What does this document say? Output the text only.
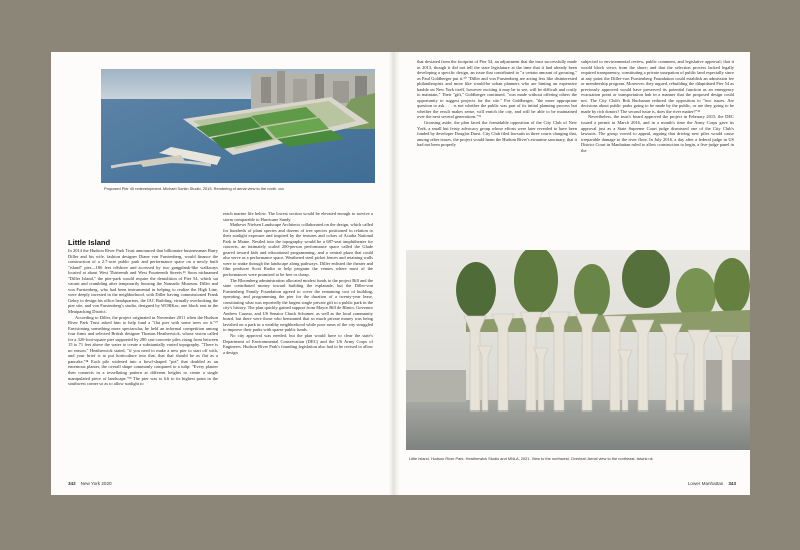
Proposed Pier 40 redevelopment. Michael Sorkin Studio, 2015. Rendering of aerial view to the north. ccc
Little Island

In 2014 the Hudson River Park Trust announced that billionaire businessman Barry Diller and his wife, fashion designer Diane von Furstenberg, would finance the construction of a 2.7-acre public park and performance space on a newly built "island" pier—186 feet offshore and accessed by two gangplank-like walkways located at about West Thirteenth and West Fourteenth Streets.²⁶ Soon nicknamed "Diller Island," the pier-park would require the demolition of Pier 54, which sat vacant and crumbling after temporarily housing the Nomadic Museum. Diller and von Furstenberg, who had been instrumental in helping to realize the High Line, were deeply invested in the neighborhood, with Diller having commissioned Frank Gehry to design his office headquarters, the IAC Building, virtually overlooking the pier site, and von Furstenberg's studio, designed by WORKac, one block east in the Meatpacking District.

According to Diller, the project originated in November 2011 when the Hudson River Park Trust asked him to help fund a "flat pier with some trees on it."²⁷ Envisioning something more spectacular, he held an informal competition among four firms and selected British designer Thomas Heatherwick, whose vision called for a 320-foot-square pier supported by 280 cast-concrete piles rising from between 15 to 71 feet above the water to create a substantially varied topography. "There is no reason," Heatherwick stated, "if you need to make a new pier to start off with, and your brief is to put horticulture into that, that that should be as flat as a pancake."²⁸ Each pile widened into a bowl-shaped "pot" that doubled as an enormous planter, the overall shape commonly compared to a tulip: "Every planter then connects in a tessellating pattern at different heights to create a single manipulated piece of landscape."²⁹ The pier was to lift to its highest point in the southwest corner so as to allow sunlight to

reach marine life below. The lowest section would be elevated enough to survive a storm comparable to Hurricane Sandy.

Mathews Nielsen Landscape Architects collaborated on the design, which called for hundreds of plant species and dozens of tree species positioned in relation to their sunlight exposure and inspired by the textures and colors of Acadia National Park in Maine. Nestled into the topography would be a 687-seat amphitheater for concerts, an intimately scaled 200-person performance space called the Glade geared toward kids and educational programming, and a central plaza that could also serve as a performance space. Weathered steel picket fences and retaining walls were to snake through the landscape along pathways. Diller enlisted the theater and film producer Scott Rudin to help program the venues where most of the performances were promised to be free or cheap.

The Bloomberg administration allocated modest funds to the project Bill and the state contributed money toward building the esplanade, but the Diller-von Furstenberg Family Foundation agreed to cover the remaining cost of building, operating, and programming the pier for the duration of a twenty-year lease, constituting what was reportedly the largest single private gift to a public park in the city's history. The plan quickly gained support from Mayor Bill de Blasio, Governor Andrew Cuomo, and US Senator Chuck Schumer, as well as the local community board, but there were those who bemoaned that so much private money was being lavished on a park in a wealthy neighborhood while poor areas of the city struggled to improve their parks with sparse public funds.

No city approval was needed, but the plan would have to clear the state's Department of Environmental Conservation (DEC) and the US Army Corps of Engineers. Hudson River Park's founding legislation also had to be revised to allow a design

342 New York 2020

that deviated from the footprint of Pier 54, an adjustment that the trust successfully made in 2013, though it did not tell the state legislature at the time that it had already been developing a specific design, an issue that contributed to "a certain amount of grousing," as Paul Goldberger put it.³⁰ "Diller and von Furstenberg are acting less like disinterested philanthropists and more like would-be urban planners who are hinting an expensive bauble on New York itself, however exciting it may be to see, will be difficult and costly to maintain," Their "gift," Goldberger continued, "was made without offering others the opportunity to suggest projects for the site." For Goldberger, "the more appropriate question to ask . . . is not whether the public was part of its initial planning process but whether the result makes sense, will enrich the city, and will be able to be maintained over the next several generations."³¹

Grousing aside, the plan faced the formidable opposition of the City Club of New York, a small but feisty advocacy group whose efforts were later revealed to have been funded by developer Douglas Durst. City Club filed lawsuits in three courts charging that, among other issues, the project would harm the Hudson River's estuarine sanctuary, that it had not been properly

subjected to environmental review, public comment, and legislative approval; that it would block views from the shore; and that the selection process lacked legally required transparency, constituting a private usurpation of public land especially since at any point the Diller-von Furstenberg Foundation could establish an admission fee or membership program. Moreover, they argued, rebuilding the dilapidated Pier 54 as previously approved would have preserved its potential function as an emergency evacuation point or transportation hub in a manner that the proposed design could not. The City Club's Rob Buchanan reduced the opposition to "two issues. Are decisions about public parks going to be made by the public, or are they going to be made by rich donors? The second issue is, does the river matter?"³²

Nevertheless, the trust's board approved the project in February 2015, the DEC issued a permit in March 2016, and in a month's time the Army Corps gave its approval just as a State Supreme Court judge dismissed one of the City Club's lawsuits. The group vowed to appeal, arguing that driving new piles would cause irreparable damage to the river floor. In July 2016, a day after a federal judge in US District Court in Manhattan ruled to allow construction to begin, a five-judge panel in the

Little Island, Hudson River Park. Heatherwick Studio and MNLA, 2021. View to the northwest. Overleaf: Aerial view to the northeast. tslwnk.nk
Lower Manhattan 343
